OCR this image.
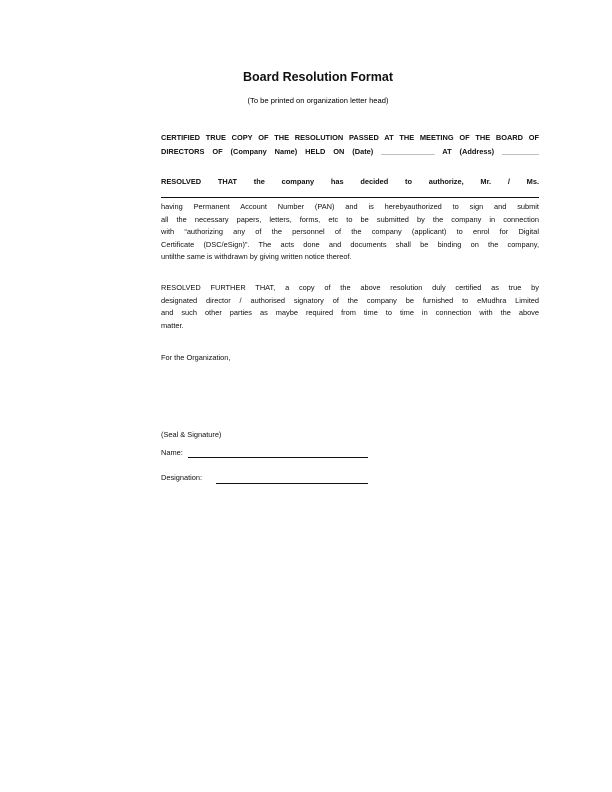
Board Resolution Format
(To be printed on organization letter head)
CERTIFIED TRUE COPY OF THE RESOLUTION PASSED AT THE MEETING OF THE BOARD OF
DIRECTORS OF (Company Name) HELD ON (Date) _____________ AT (Address) _________
RESOLVED THAT the company has decided to authorize, Mr. / Ms.
having Permanent Account Number (PAN) and is herebyauthorized to sign and submit
all the necessary papers, letters, forms, etc to be submitted by the company in connection
with “authorizing any of the personnel of the company (applicant) to enrol for Digital
Certificate (DSC/eSign)”. The acts done and documents shall be binding on the company,
untilthe same is withdrawn by giving written notice thereof.
RESOLVED FURTHER THAT, a copy of the above resolution duly certified as true by
designated director / authorised signatory of the company be furnished to eMudhra Limited
and such other parties as maybe required from time to time in connection with the above
matter.
For the Organization,
(Seal & Signature)
Name:
Designation:
